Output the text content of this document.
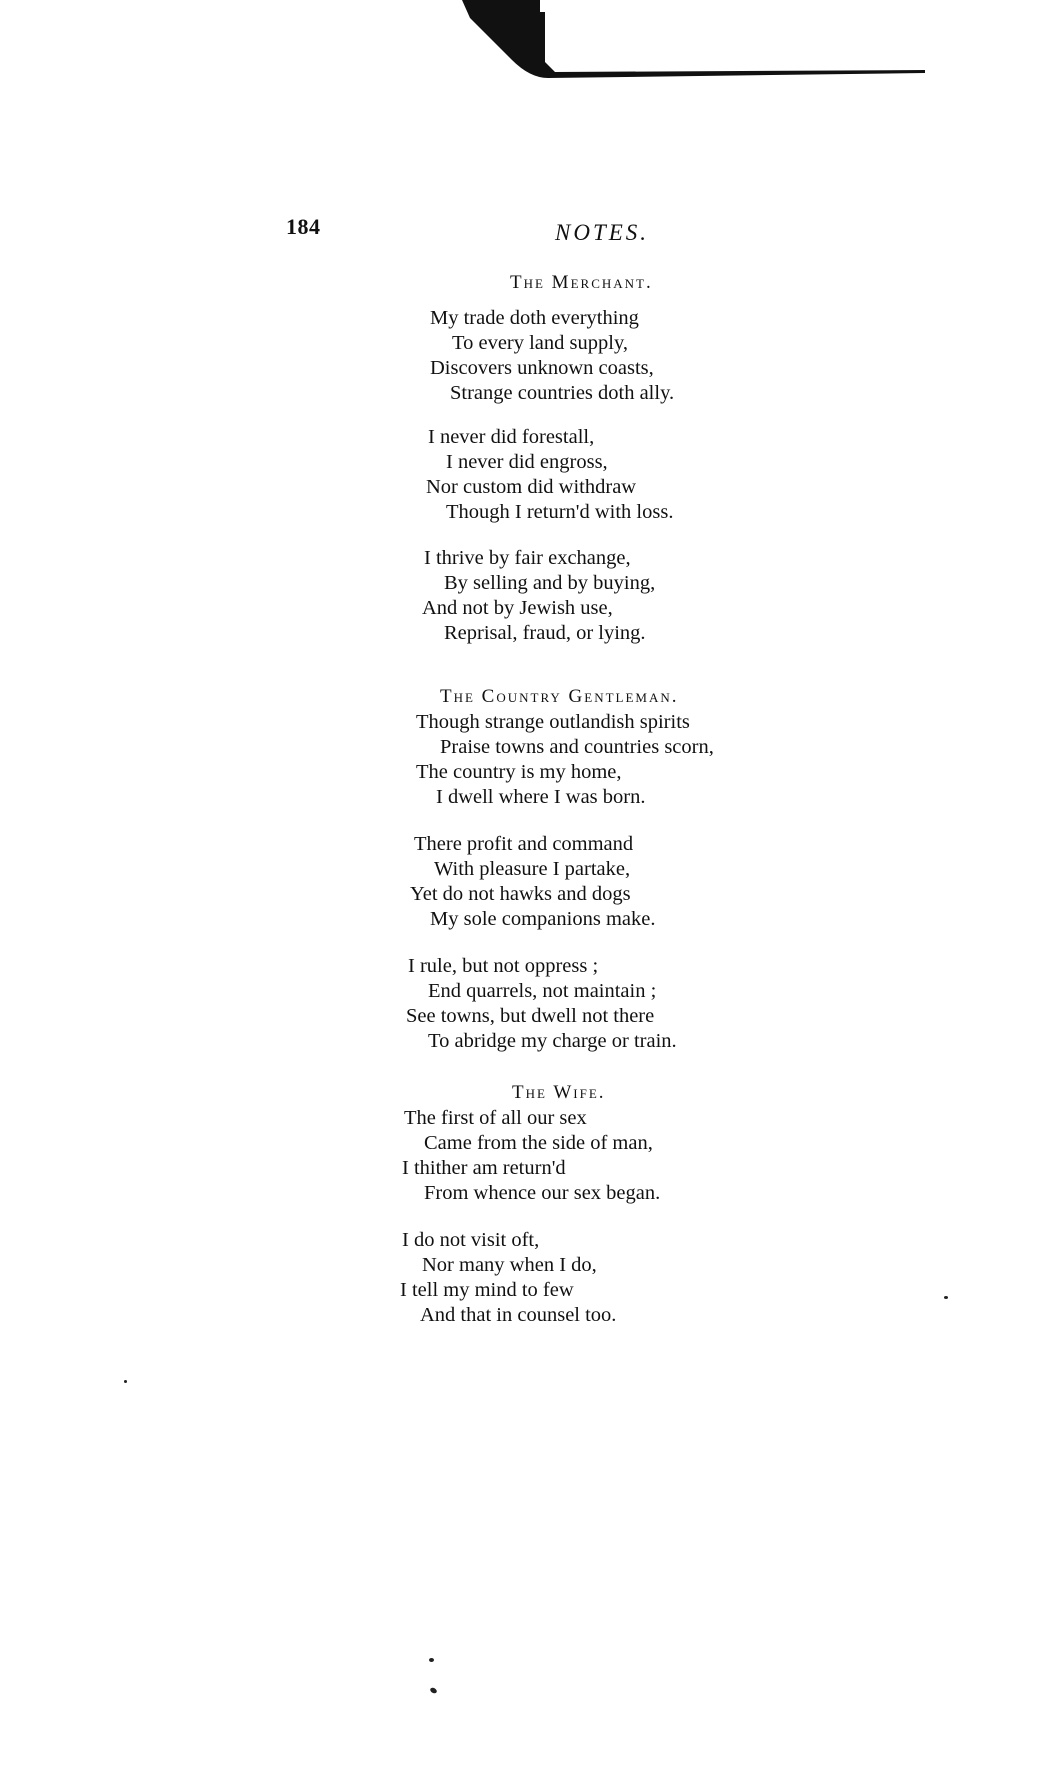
184	NOTES.
The Merchant.
My trade doth everything
To every land supply,
Discovers unknown coasts,
Strange countries doth ally.
I never did forestall,
I never did engross,
Nor custom did withdraw
Though I return'd with loss.
I thrive by fair exchange,
By selling and by buying,
And not by Jewish use,
Reprisal, fraud, or lying.
The Country Gentleman.
Though strange outlandish spirits
Praise towns and countries scorn,
The country is my home,
I dwell where I was born.
There profit and command
With pleasure I partake,
Yet do not hawks and dogs
My sole companions make.
I rule, but not oppress ;
End quarrels, not maintain ;
See towns, but dwell not there
To abridge my charge or train.
The Wife.
The first of all our sex
Came from the side of man,
I thither am return'd
From whence our sex began.
I do not visit oft,
Nor many when I do,
I tell my mind to few
And that in counsel too.
